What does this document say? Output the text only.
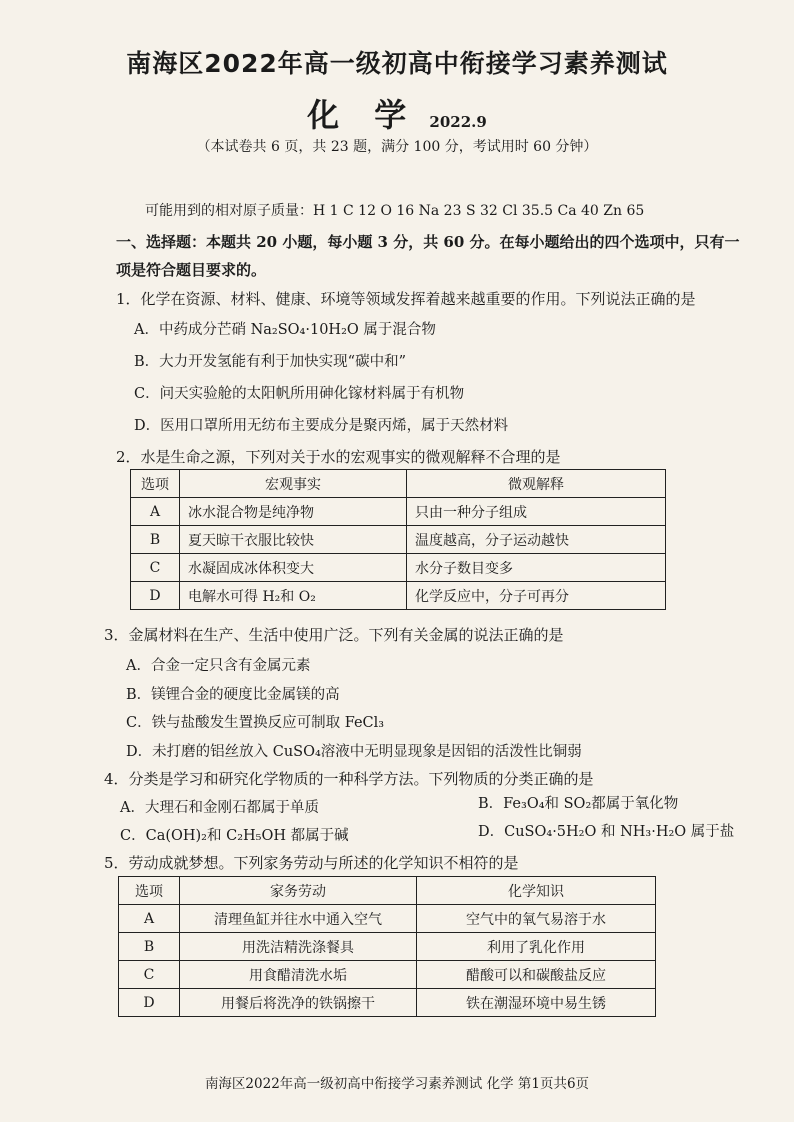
南海区2022年高一级初高中衔接学习素养测试
化 学 2022.9
（本试卷共 6 页，共 23 题，满分 100 分，考试用时 60 分钟）
可能用到的相对原子质量：H 1 C 12 O 16 Na 23 S 32 Cl 35.5 Ca 40 Zn 65
一、选择题：本题共 20 小题，每小题 3 分，共 60 分。在每小题给出的四个选项中，只有一项是符合题目要求的。
1．化学在资源、材料、健康、环境等领域发挥着越来越重要的作用。下列说法正确的是
A．中药成分芒硝 Na₂SO₄·10H₂O 属于混合物
B．大力开发氢能有利于加快实现“碳中和”
C．问天实验舱的太阳帆所用砷化镓材料属于有机物
D．医用口罩所用无纺布主要成分是聚丙烯，属于天然材料
2．水是生命之源，下列对关于水的宏观事实的微观解释不合理的是
选项	宏观事实	微观解释
A	冰水混合物是纯净物	只由一种分子组成
B	夏天晾干衣服比较快	温度越高，分子运动越快
C	水凝固成冰体积变大	水分子数目变多
D	电解水可得 H₂和 O₂	化学反应中，分子可再分
3．金属材料在生产、生活中使用广泛。下列有关金属的说法正确的是
A．合金一定只含有金属元素
B．镁锂合金的硬度比金属镁的高
C．铁与盐酸发生置换反应可制取 FeCl₃
D．未打磨的铝丝放入 CuSO₄溶液中无明显现象是因铝的活泼性比铜弱
4．分类是学习和研究化学物质的一种科学方法。下列物质的分类正确的是
A．大理石和金刚石都属于单质	B．Fe₃O₄和 SO₂都属于氧化物
C．Ca(OH)₂和 C₂H₅OH 都属于碱	D．CuSO₄·5H₂O 和 NH₃·H₂O 属于盐
5．劳动成就梦想。下列家务劳动与所述的化学知识不相符的是
选项	家务劳动	化学知识
A	清理鱼缸并往水中通入空气	空气中的氧气易溶于水
B	用洗洁精洗涤餐具	利用了乳化作用
C	用食醋清洗水垢	醋酸可以和碳酸盐反应
D	用餐后将洗净的铁锅擦干	铁在潮湿环境中易生锈
南海区2022年高一级初高中衔接学习素养测试 化学 第1页共6页
